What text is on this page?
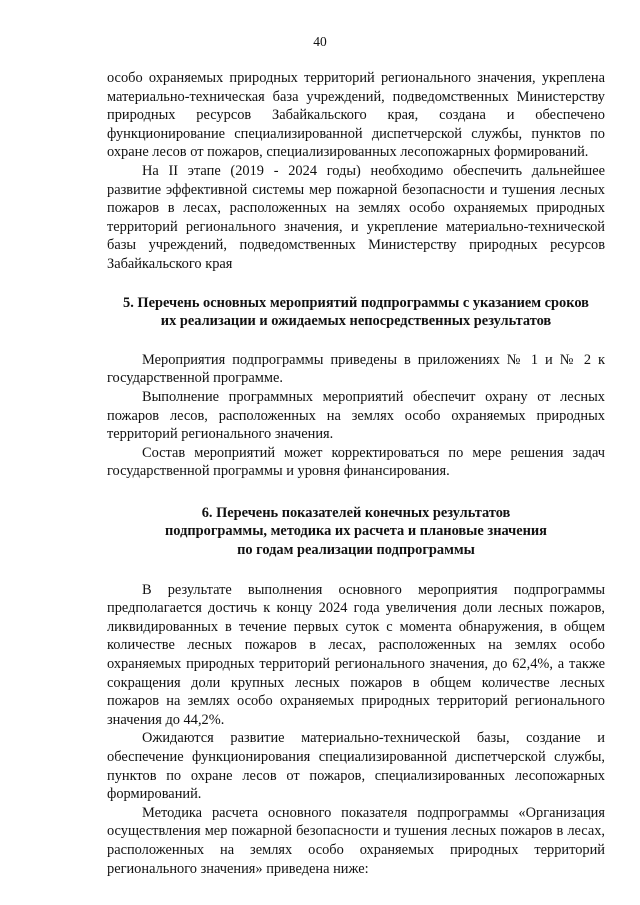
40

особо охраняемых природных территорий регионального значения, укреплена материально-техническая база учреждений, подведомственных Министерству природных ресурсов Забайкальского края, создана и обеспечено функционирование специализированной диспетчерской службы, пунктов по охране лесов от пожаров, специализированных лесопожарных формирований.

На II этапе (2019 - 2024 годы) необходимо обеспечить дальнейшее развитие эффективной системы мер пожарной безопасности и тушения лесных пожаров в лесах, расположенных на землях особо охраняемых природных территорий регионального значения, и укрепление материально-технической базы учреждений, подведомственных Министерству природных ресурсов Забайкальского края

5. Перечень основных мероприятий подпрограммы с указанием сроков
их реализации и ожидаемых непосредственных результатов

Мероприятия подпрограммы приведены в приложениях № 1 и № 2 к государственной программе.

Выполнение программных мероприятий обеспечит охрану от лесных пожаров лесов, расположенных на землях особо охраняемых природных территорий регионального значения.

Состав мероприятий может корректироваться по мере решения задач государственной программы и уровня финансирования.

6. Перечень показателей конечных результатов
подпрограммы, методика их расчета и плановые значения
по годам реализации подпрограммы

В результате выполнения основного мероприятия подпрограммы предполагается достичь к концу 2024 года увеличения доли лесных пожаров, ликвидированных в течение первых суток с момента обнаружения, в общем количестве лесных пожаров в лесах, расположенных на землях особо охраняемых природных территорий регионального значения, до 62,4%, а также сокращения доли крупных лесных пожаров в общем количестве лесных пожаров на землях особо охраняемых природных территорий регионального значения до 44,2%.

Ожидаются развитие материально-технической базы, создание и обеспечение функционирования специализированной диспетчерской службы, пунктов по охране лесов от пожаров, специализированных лесопожарных формирований.

Методика расчета основного показателя подпрограммы «Организация осуществления мер пожарной безопасности и тушения лесных пожаров в лесах, расположенных на землях особо охраняемых природных территорий регионального значения» приведена ниже:
